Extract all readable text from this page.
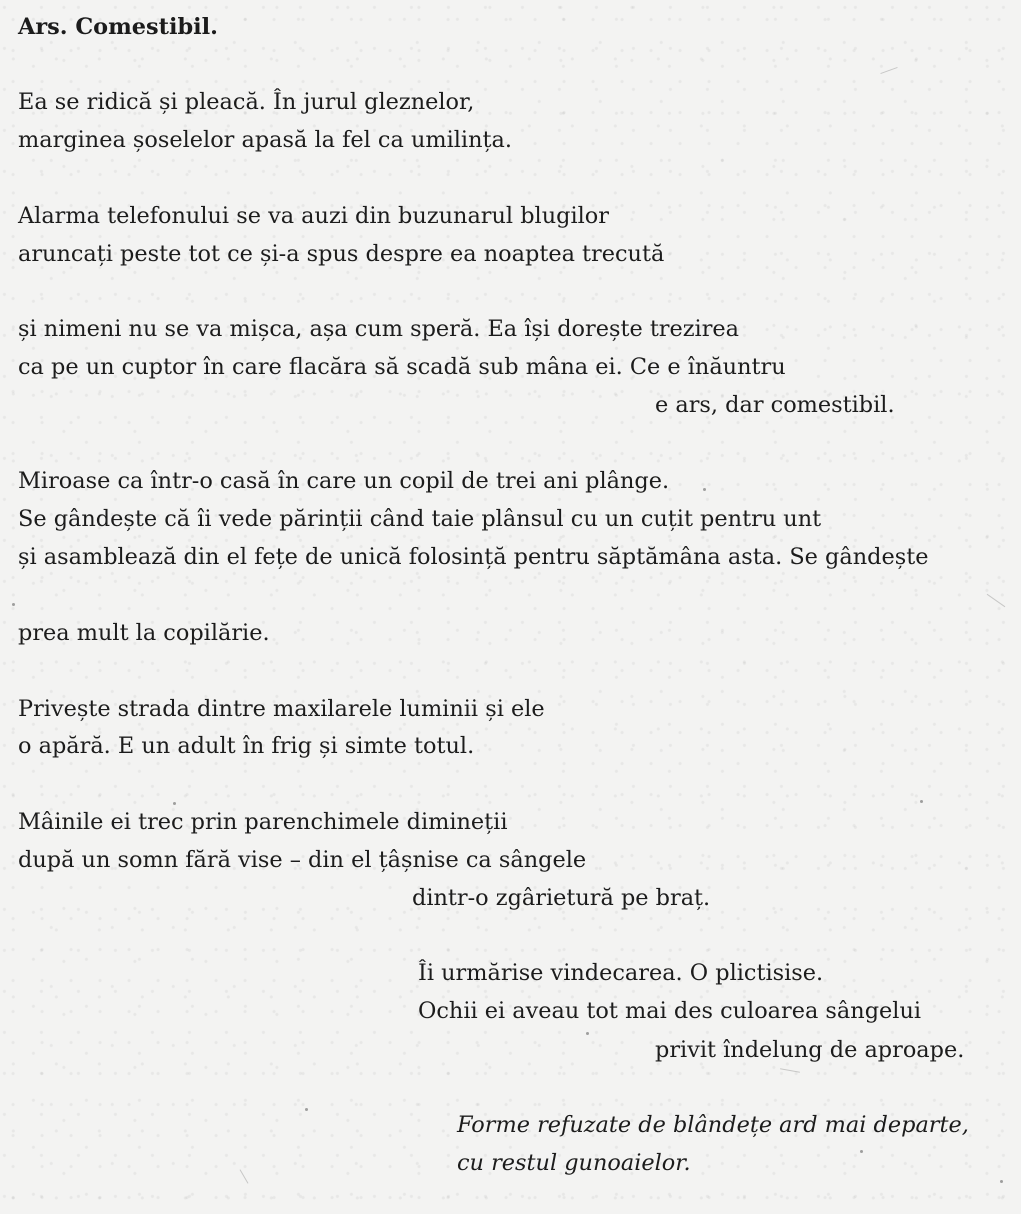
Ars. Comestibil.
Ea se ridică și pleacă. În jurul gleznelor,
marginea șoselelor apasă la fel ca umilința.
Alarma telefonului se va auzi din buzunarul blugilor
aruncați peste tot ce și-a spus despre ea noaptea trecută
și nimeni nu se va mișca, așa cum speră. Ea își dorește trezirea
ca pe un cuptor în care flacăra să scadă sub mâna ei. Ce e înăuntru
e ars, dar comestibil.
Miroase ca într-o casă în care un copil de trei ani plânge.
Se gândește că îi vede părinții când taie plânsul cu un cuțit pentru unt
și asamblează din el fețe de unică folosință pentru săptămâna asta. Se gândește
prea mult la copilărie.
Privește strada dintre maxilarele luminii și ele
o apără. E un adult în frig și simte totul.
Mâinile ei trec prin parenchimele dimineții
după un somn fără vise – din el țâșnise ca sângele
dintr-o zgârietură pe braț.
Îi urmărise vindecarea. O plictisise.
Ochii ei aveau tot mai des culoarea sângelui
privit îndelung de aproape.
Forme refuzate de blândețe ard mai departe,
cu restul gunoaielor.
